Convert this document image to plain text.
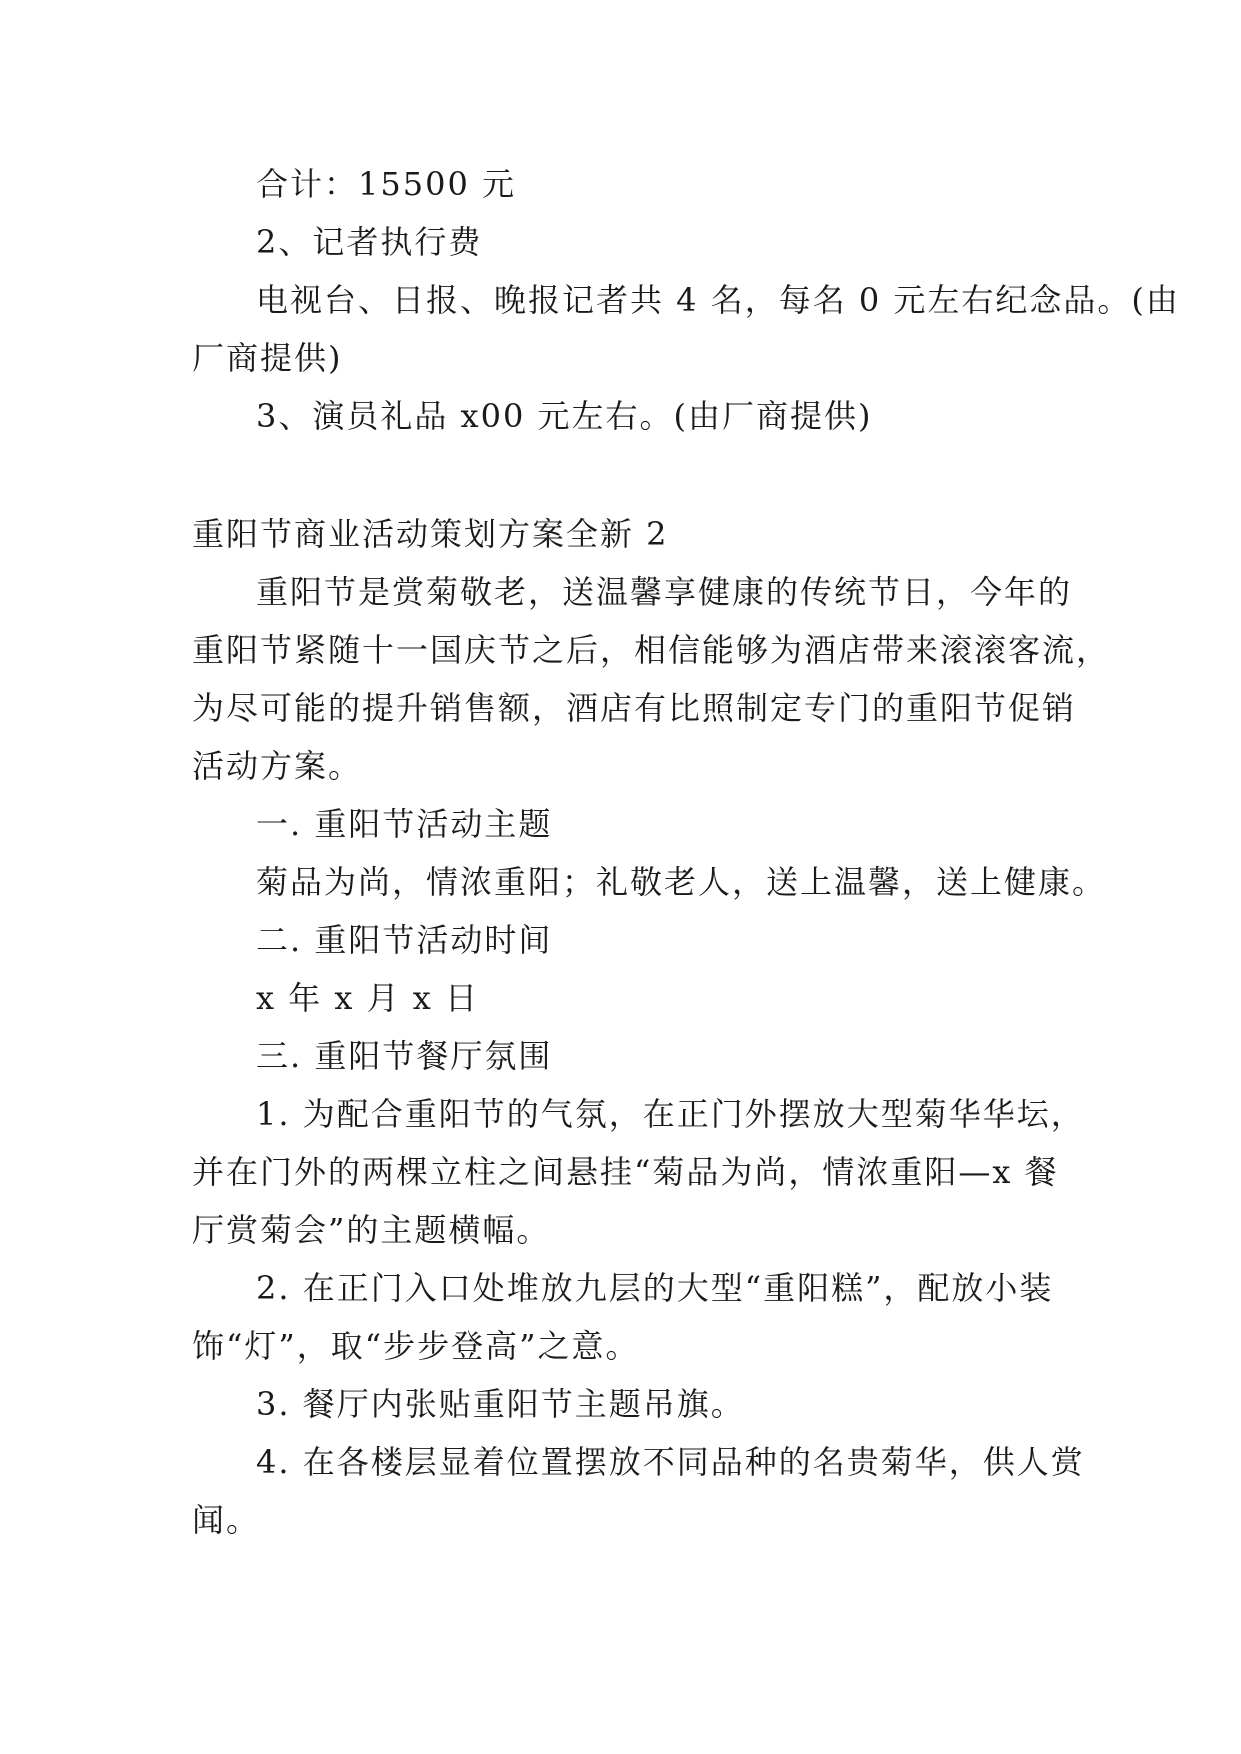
合计：15500 元
2、记者执行费
电视台、日报、晚报记者共 4 名，每名 0 元左右纪念品。(由
厂商提供)
3、演员礼品 x00 元左右。(由厂商提供)
重阳节商业活动策划方案全新 2
重阳节是赏菊敬老，送温馨享健康的传统节日，今年的
重阳节紧随十一国庆节之后，相信能够为酒店带来滚滚客流，
为尽可能的提升销售额，酒店有比照制定专门的重阳节促销
活动方案。
一. 重阳节活动主题
菊品为尚，情浓重阳；礼敬老人，送上温馨，送上健康。
二. 重阳节活动时间
x 年 x 月 x 日
三. 重阳节餐厅氛围
1. 为配合重阳节的气氛，在正门外摆放大型菊华华坛，
并在门外的两棵立柱之间悬挂“菊品为尚，情浓重阳—x 餐
厅赏菊会”的主题横幅。
2. 在正门入口处堆放九层的大型“重阳糕”，配放小装
饰“灯”，取“步步登高”之意。
3. 餐厅内张贴重阳节主题吊旗。
4. 在各楼层显着位置摆放不同品种的名贵菊华，供人赏
闻。
